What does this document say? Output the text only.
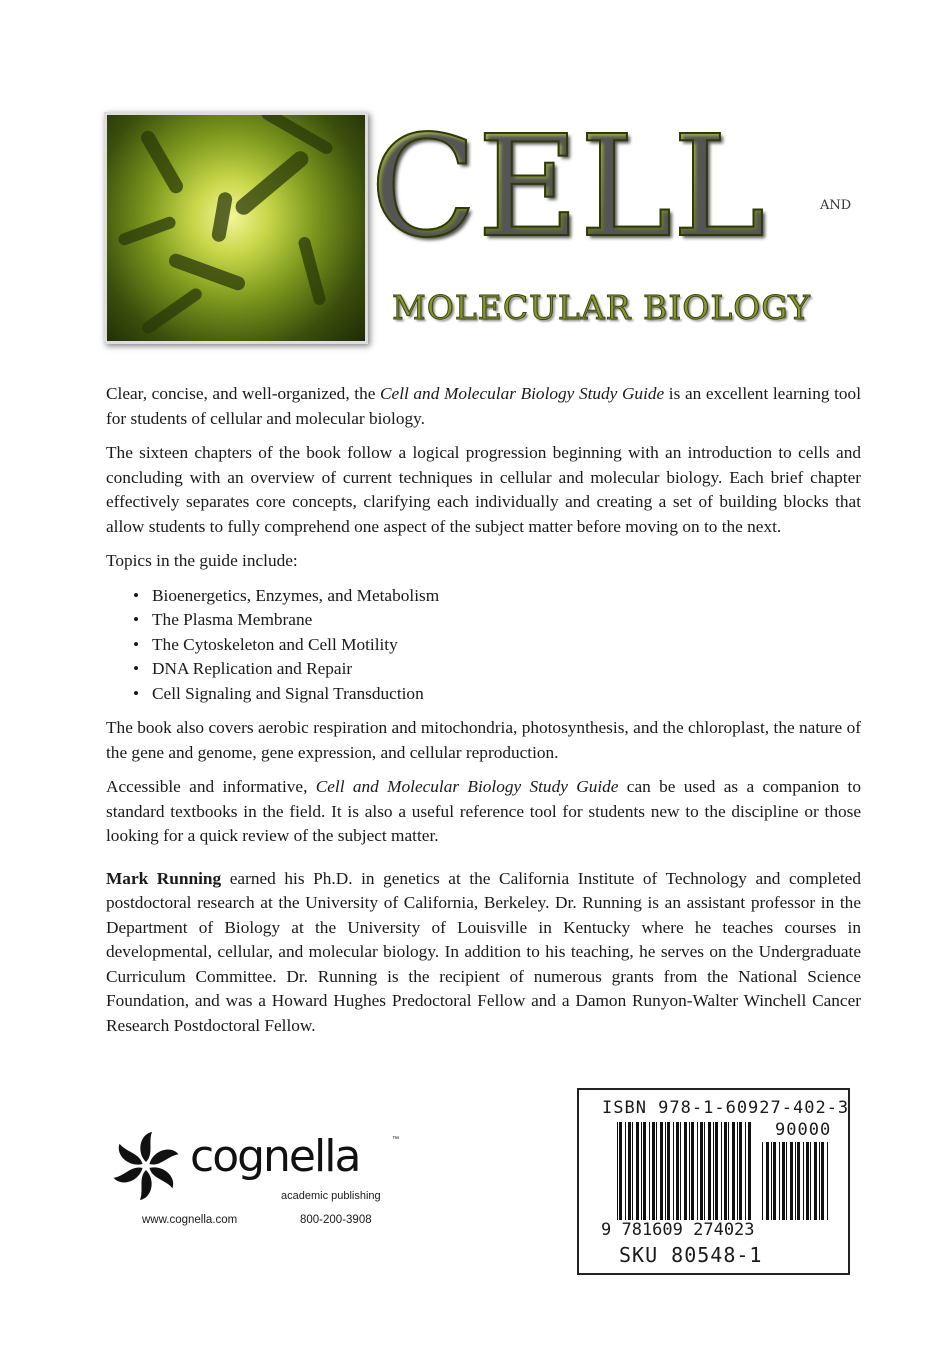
CELL	AND
MOLECULAR BIOLOGY

Clear, concise, and well-organized, the Cell and Molecular Biology Study Guide is an excellent learning tool for students of cellular and molecular biology.

The sixteen chapters of the book follow a logical progression beginning with an introduction to cells and concluding with an overview of current techniques in cellular and molecular biology. Each brief chapter effectively separates core concepts, clarifying each individually and creating a set of building blocks that allow students to fully comprehend one aspect of the subject matter before moving on to the next.

Topics in the guide include:

• Bioenergetics, Enzymes, and Metabolism
• The Plasma Membrane
• The Cytoskeleton and Cell Motility
• DNA Replication and Repair
• Cell Signaling and Signal Transduction

The book also covers aerobic respiration and mitochondria, photosynthesis, and the chloroplast, the nature of the gene and genome, gene expression, and cellular reproduction.

Accessible and informative, Cell and Molecular Biology Study Guide can be used as a companion to standard textbooks in the field. It is also a useful reference tool for students new to the discipline or those looking for a quick review of the subject matter.

Mark Running earned his Ph.D. in genetics at the California Institute of Technology and completed postdoctoral research at the University of California, Berkeley. Dr. Running is an assistant professor in the Department of Biology at the University of Louisville in Kentucky where he teaches courses in developmental, cellular, and molecular biology. In addition to his teaching, he serves on the Undergraduate Curriculum Committee. Dr. Running is the recipient of numerous grants from the National Science Foundation, and was a Howard Hughes Predoctoral Fellow and a Damon Runyon-Walter Winchell Cancer Research Postdoctoral Fellow.
cognella	™
academic publishing
www.cognella.com	800-200-3908
ISBN 978-1-60927-402-3
90000
9 781609 274023
SKU 80548-1
